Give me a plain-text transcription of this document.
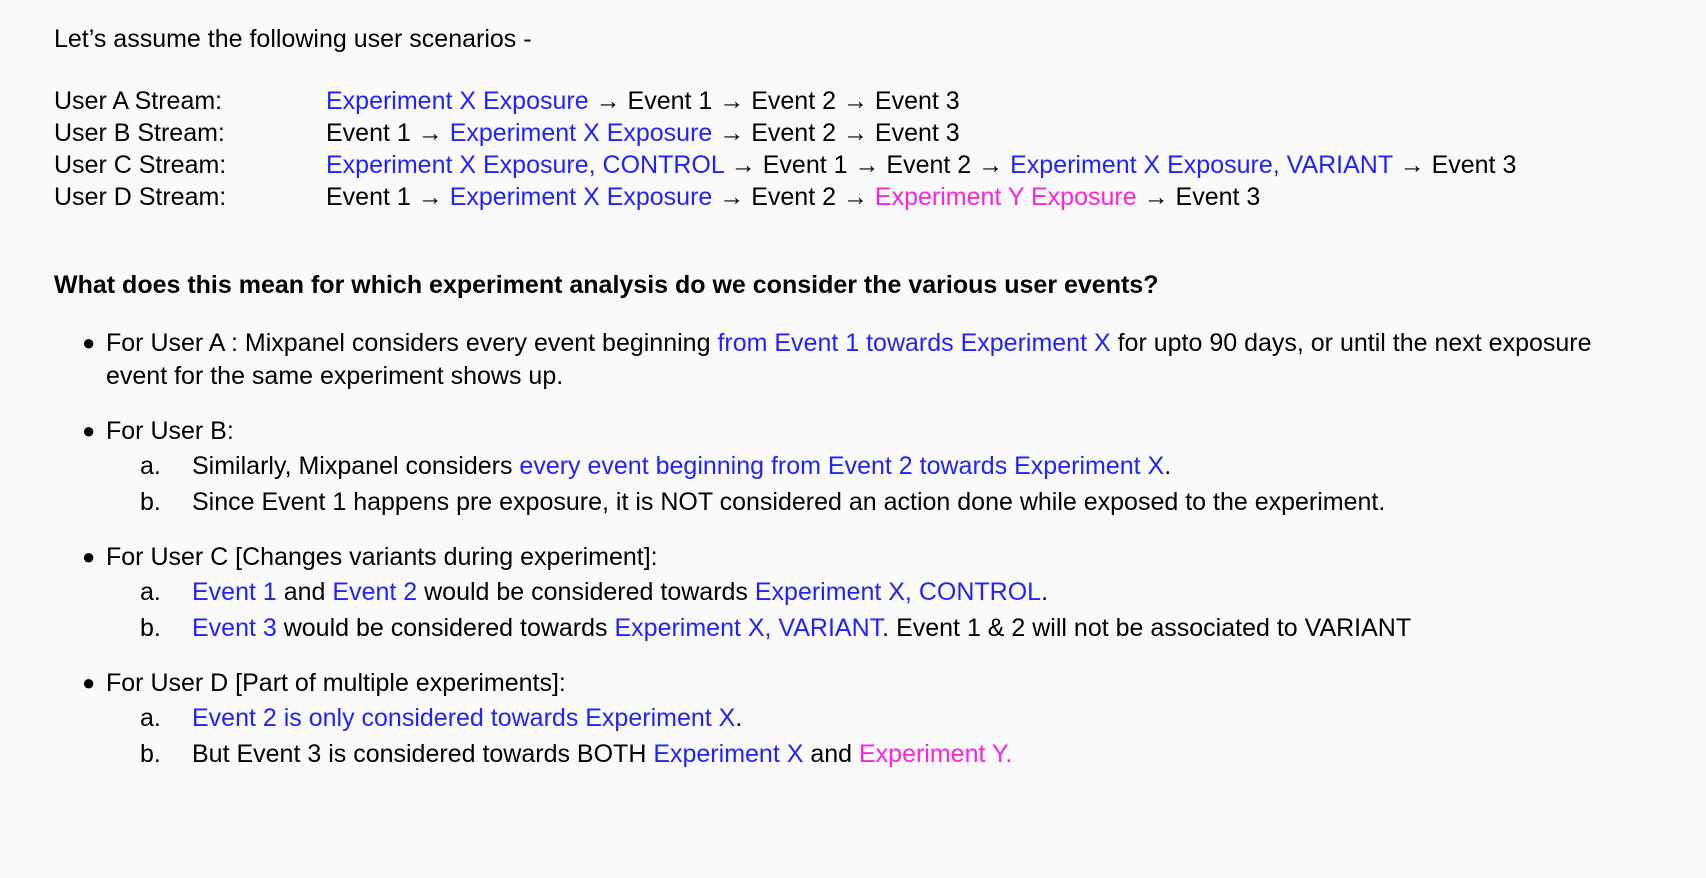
Let’s assume the following user scenarios -

User A Stream:	Experiment X Exposure → Event 1 → Event 2 → Event 3
User B Stream:	Event 1 → Experiment X Exposure → Event 2 → Event 3
User C Stream:	Experiment X Exposure, CONTROL → Event 1 → Event 2 → Experiment X Exposure, VARIANT → Event 3
User D Stream:	Event 1 → Experiment X Exposure → Event 2 → Experiment Y Exposure → Event 3

What does this mean for which experiment analysis do we consider the various user events?

● For User A : Mixpanel considers every event beginning from Event 1 towards Experiment X for upto 90 days, or until the next exposure event for the same experiment shows up.
● For User B:
a.	Similarly, Mixpanel considers every event beginning from Event 2 towards Experiment X.
b.	Since Event 1 happens pre exposure, it is NOT considered an action done while exposed to the experiment.
● For User C [Changes variants during experiment]:
a.	Event 1 and Event 2 would be considered towards Experiment X, CONTROL.
b.	Event 3 would be considered towards Experiment X, VARIANT. Event 1 & 2 will not be associated to VARIANT
● For User D [Part of multiple experiments]:
a.	Event 2 is only considered towards Experiment X.
b.	But Event 3 is considered towards BOTH Experiment X and Experiment Y.
